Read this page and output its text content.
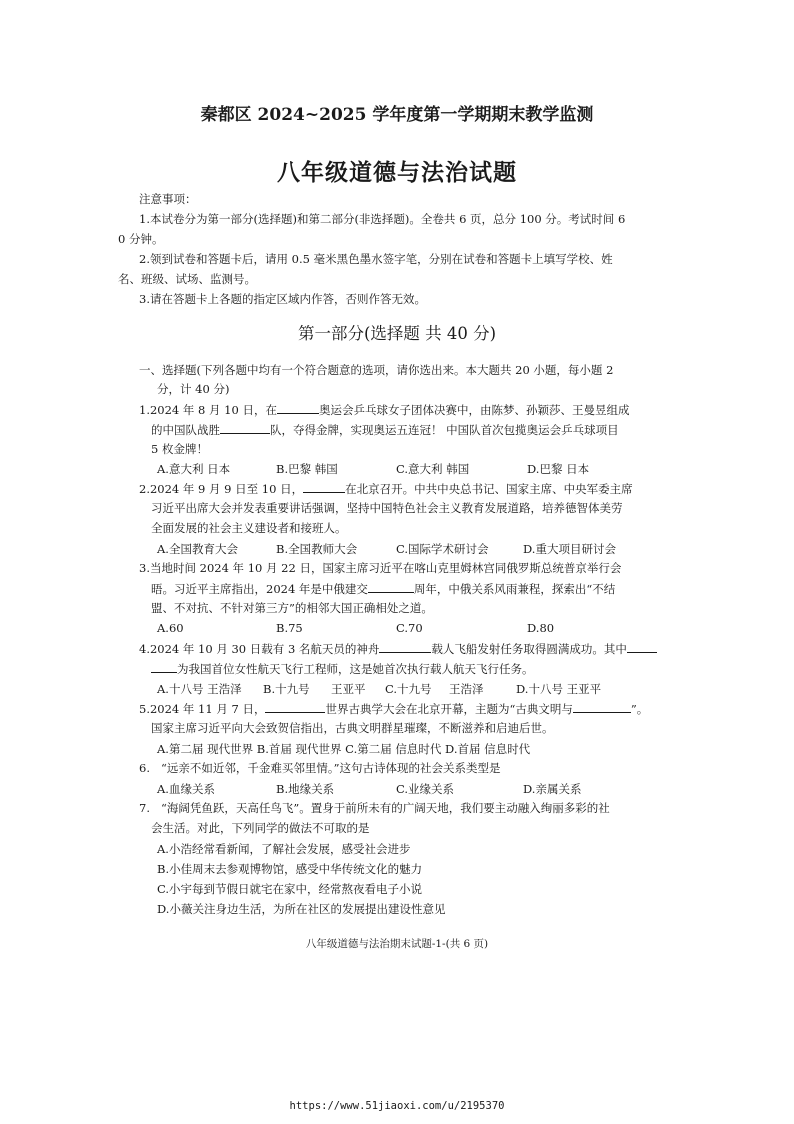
秦都区 2024~2025 学年度第一学期期末教学监测
八年级道德与法治试题
注意事项：
1.本试卷分为第一部分(选择题)和第二部分(非选择题)。全卷共 6 页，总分 100 分。考试时间 6
0 分钟。
2.领到试卷和答题卡后，请用 0.5 毫米黑色墨水签字笔，分别在试卷和答题卡上填写学校、姓
名、班级、试场、监测号。
3.请在答题卡上各题的指定区域内作答，否则作答无效。
第一部分(选择题 共 40 分)
一、选择题(下列各题中均有一个符合题意的选项，请你选出来。本大题共 20 小题，每小题 2
分，计 40 分)
1.2024 年 8 月 10 日，在	奥运会乒乓球女子团体决赛中，由陈梦、孙颖莎、王曼昱组成
的中国队战胜	队，夺得金牌，实现奥运五连冠！ 中国队首次包揽奥运会乒乓球项目
5 枚金牌！
A.意大利 日本	B.巴黎 韩国	C.意大利 韩国	D.巴黎 日本
2.2024 年 9 月 9 日至 10 日，	在北京召开。中共中央总书记、国家主席、中央军委主席
习近平出席大会并发表重要讲话强调，坚持中国特色社会主义教育发展道路，培养德智体美劳
全面发展的社会主义建设者和接班人。
A.全国教育大会	B.全国教师大会	C.国际学术研讨会	D.重大项目研讨会
3.当地时间 2024 年 10 月 22 日，国家主席习近平在喀山克里姆林宫同俄罗斯总统普京举行会
晤。习近平主席指出，2024 年是中俄建交	周年，中俄关系风雨兼程，探索出“不结
盟、不对抗、不针对第三方”的相邻大国正确相处之道。
A.60	B.75	C.70	D.80
4.2024 年 10 月 30 日载有 3 名航天员的神舟	载人飞船发射任务取得圆满成功。其中
为我国首位女性航天飞行工程师，这是她首次执行载人航天飞行任务。
A.十八号 王浩泽 B.十九号 王亚平 C.十九号 王浩泽	D.十八号 王亚平
5.2024 年 11 月 7 日，	世界古典学大会在北京开幕，主题为“古典文明与	”。
国家主席习近平向大会致贺信指出，古典文明群星璀璨，不断滋养和启迪后世。
A.第二届 现代世界 B.首届 现代世界 C.第二届 信息时代 D.首届 信息时代
6. “远亲不如近邻，千金难买邻里情。”这句古诗体现的社会关系类型是
A.血缘关系	B.地缘关系	C.业缘关系	D.亲属关系
7. “海阔凭鱼跃，天高任鸟飞”。置身于前所未有的广阔天地，我们要主动融入绚丽多彩的社
会生活。对此，下列同学的做法不可取的是
A.小浩经常看新闻，了解社会发展，感受社会进步
B.小佳周末去参观博物馆，感受中华传统文化的魅力
C.小宇每到节假日就宅在家中，经常熬夜看电子小说
D.小薇关注身边生活，为所在社区的发展提出建设性意见
八年级道德与法治期末试题-1-(共 6 页)
https://www.51jiaoxi.com/u/2195370
